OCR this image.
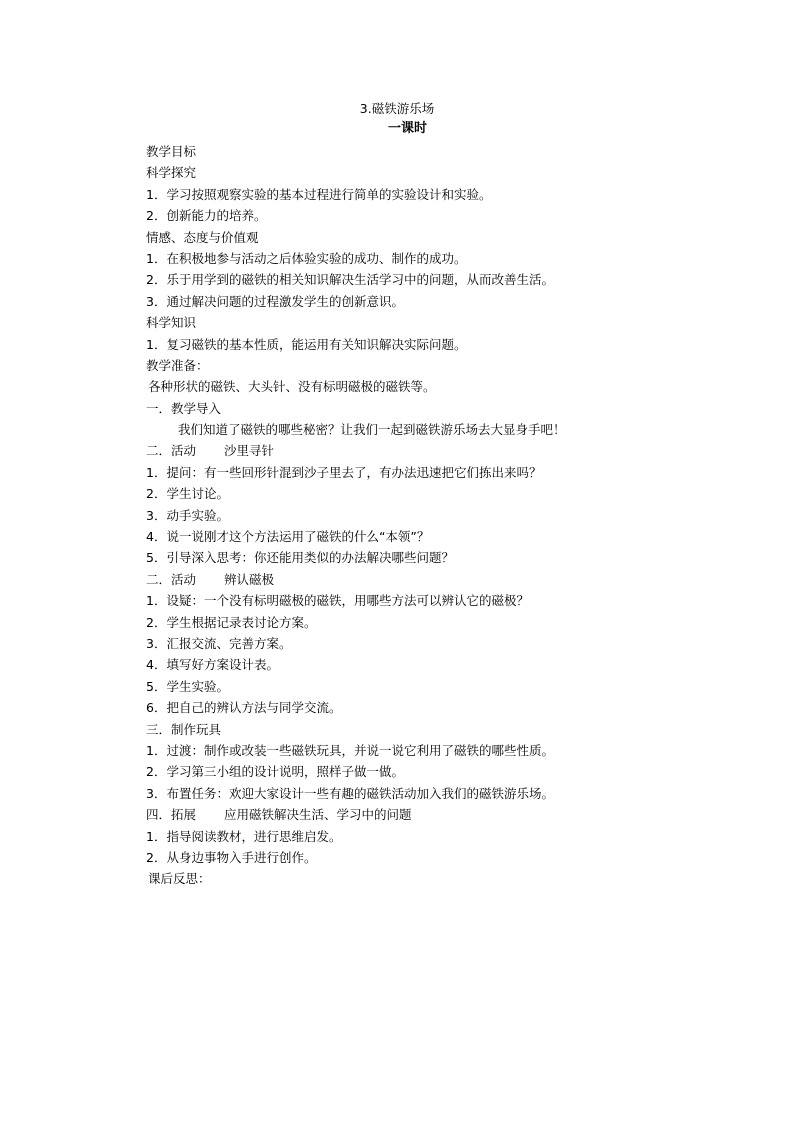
3.磁铁游乐场
一课时
教学目标
科学探究
1．学习按照观察实验的基本过程进行简单的实验设计和实验。
2．创新能力的培养。
情感、态度与价值观
1．在积极地参与活动之后体验实验的成功、制作的成功。
2．乐于用学到的磁铁的相关知识解决生活学习中的问题，从而改善生活。
3．通过解决问题的过程激发学生的创新意识。
科学知识
1．复习磁铁的基本性质，能运用有关知识解决实际问题。
教学准备：
各种形状的磁铁、大头针、没有标明磁极的磁铁等。
一．教学导入
我们知道了磁铁的哪些秘密？让我们一起到磁铁游乐场去大显身手吧！
二．活动 沙里寻针
1．提问：有一些回形针混到沙子里去了，有办法迅速把它们拣出来吗？
2．学生讨论。
3．动手实验。
4．说一说刚才这个方法运用了磁铁的什么“本领”？
5．引导深入思考：你还能用类似的办法解决哪些问题？
二．活动 辨认磁极
1．设疑：一个没有标明磁极的磁铁，用哪些方法可以辨认它的磁极？
2．学生根据记录表讨论方案。
3．汇报交流、完善方案。
4．填写好方案设计表。
5．学生实验。
6．把自己的辨认方法与同学交流。
三．制作玩具
1．过渡：制作或改装一些磁铁玩具，并说一说它利用了磁铁的哪些性质。
2．学习第三小组的设计说明，照样子做一做。
3．布置任务：欢迎大家设计一些有趣的磁铁活动加入我们的磁铁游乐场。
四．拓展 应用磁铁解决生活、学习中的问题
1．指导阅读教材，进行思维启发。
2．从身边事物入手进行创作。
课后反思：
